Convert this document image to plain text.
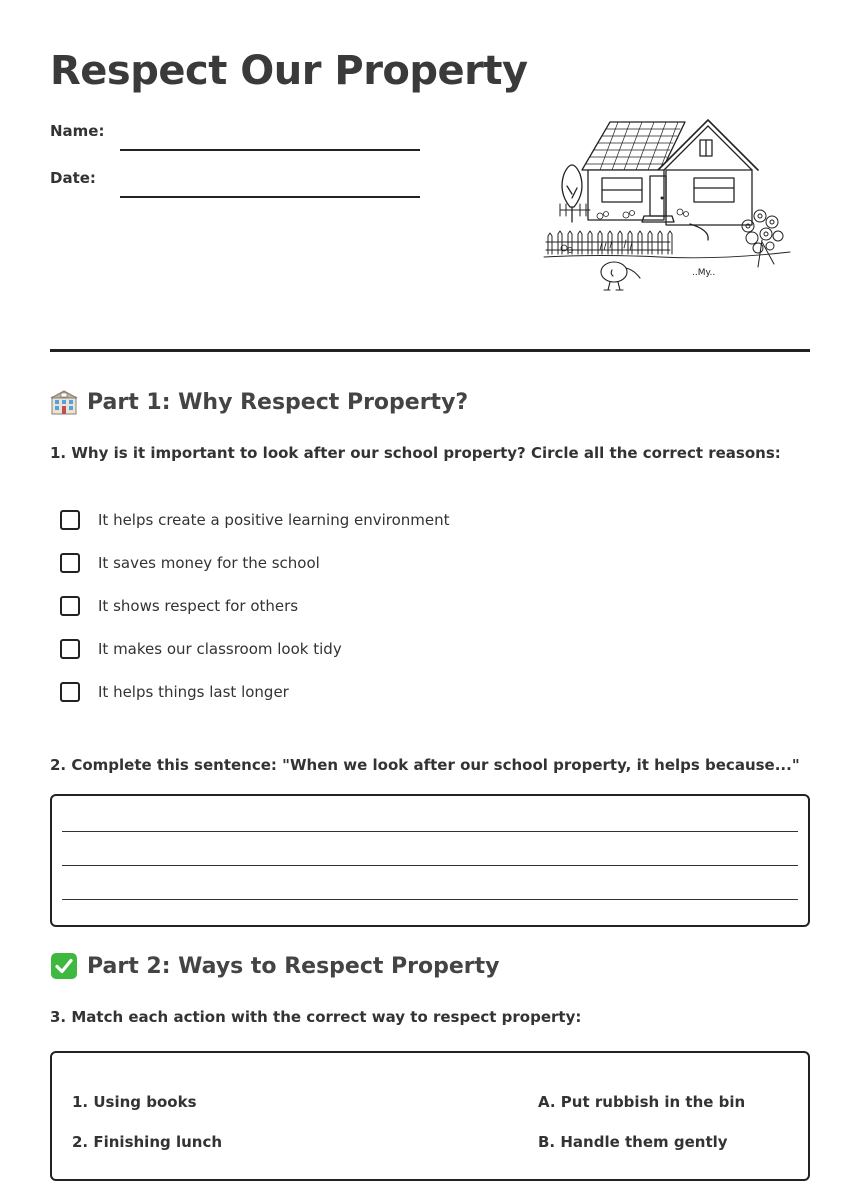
Respect Our Property
Name:
Date:
..My..
Part 1: Why Respect Property?

1. Why is it important to look after our school property? Circle all the correct reasons:

It helps create a positive learning environment
It saves money for the school
It shows respect for others
It makes our classroom look tidy
It helps things last longer

2. Complete this sentence: "When we look after our school property, it helps because..."

Part 2: Ways to Respect Property

3. Match each action with the correct way to respect property:

1. Using books
2. Finishing lunch
A. Put rubbish in the bin
B. Handle them gently
